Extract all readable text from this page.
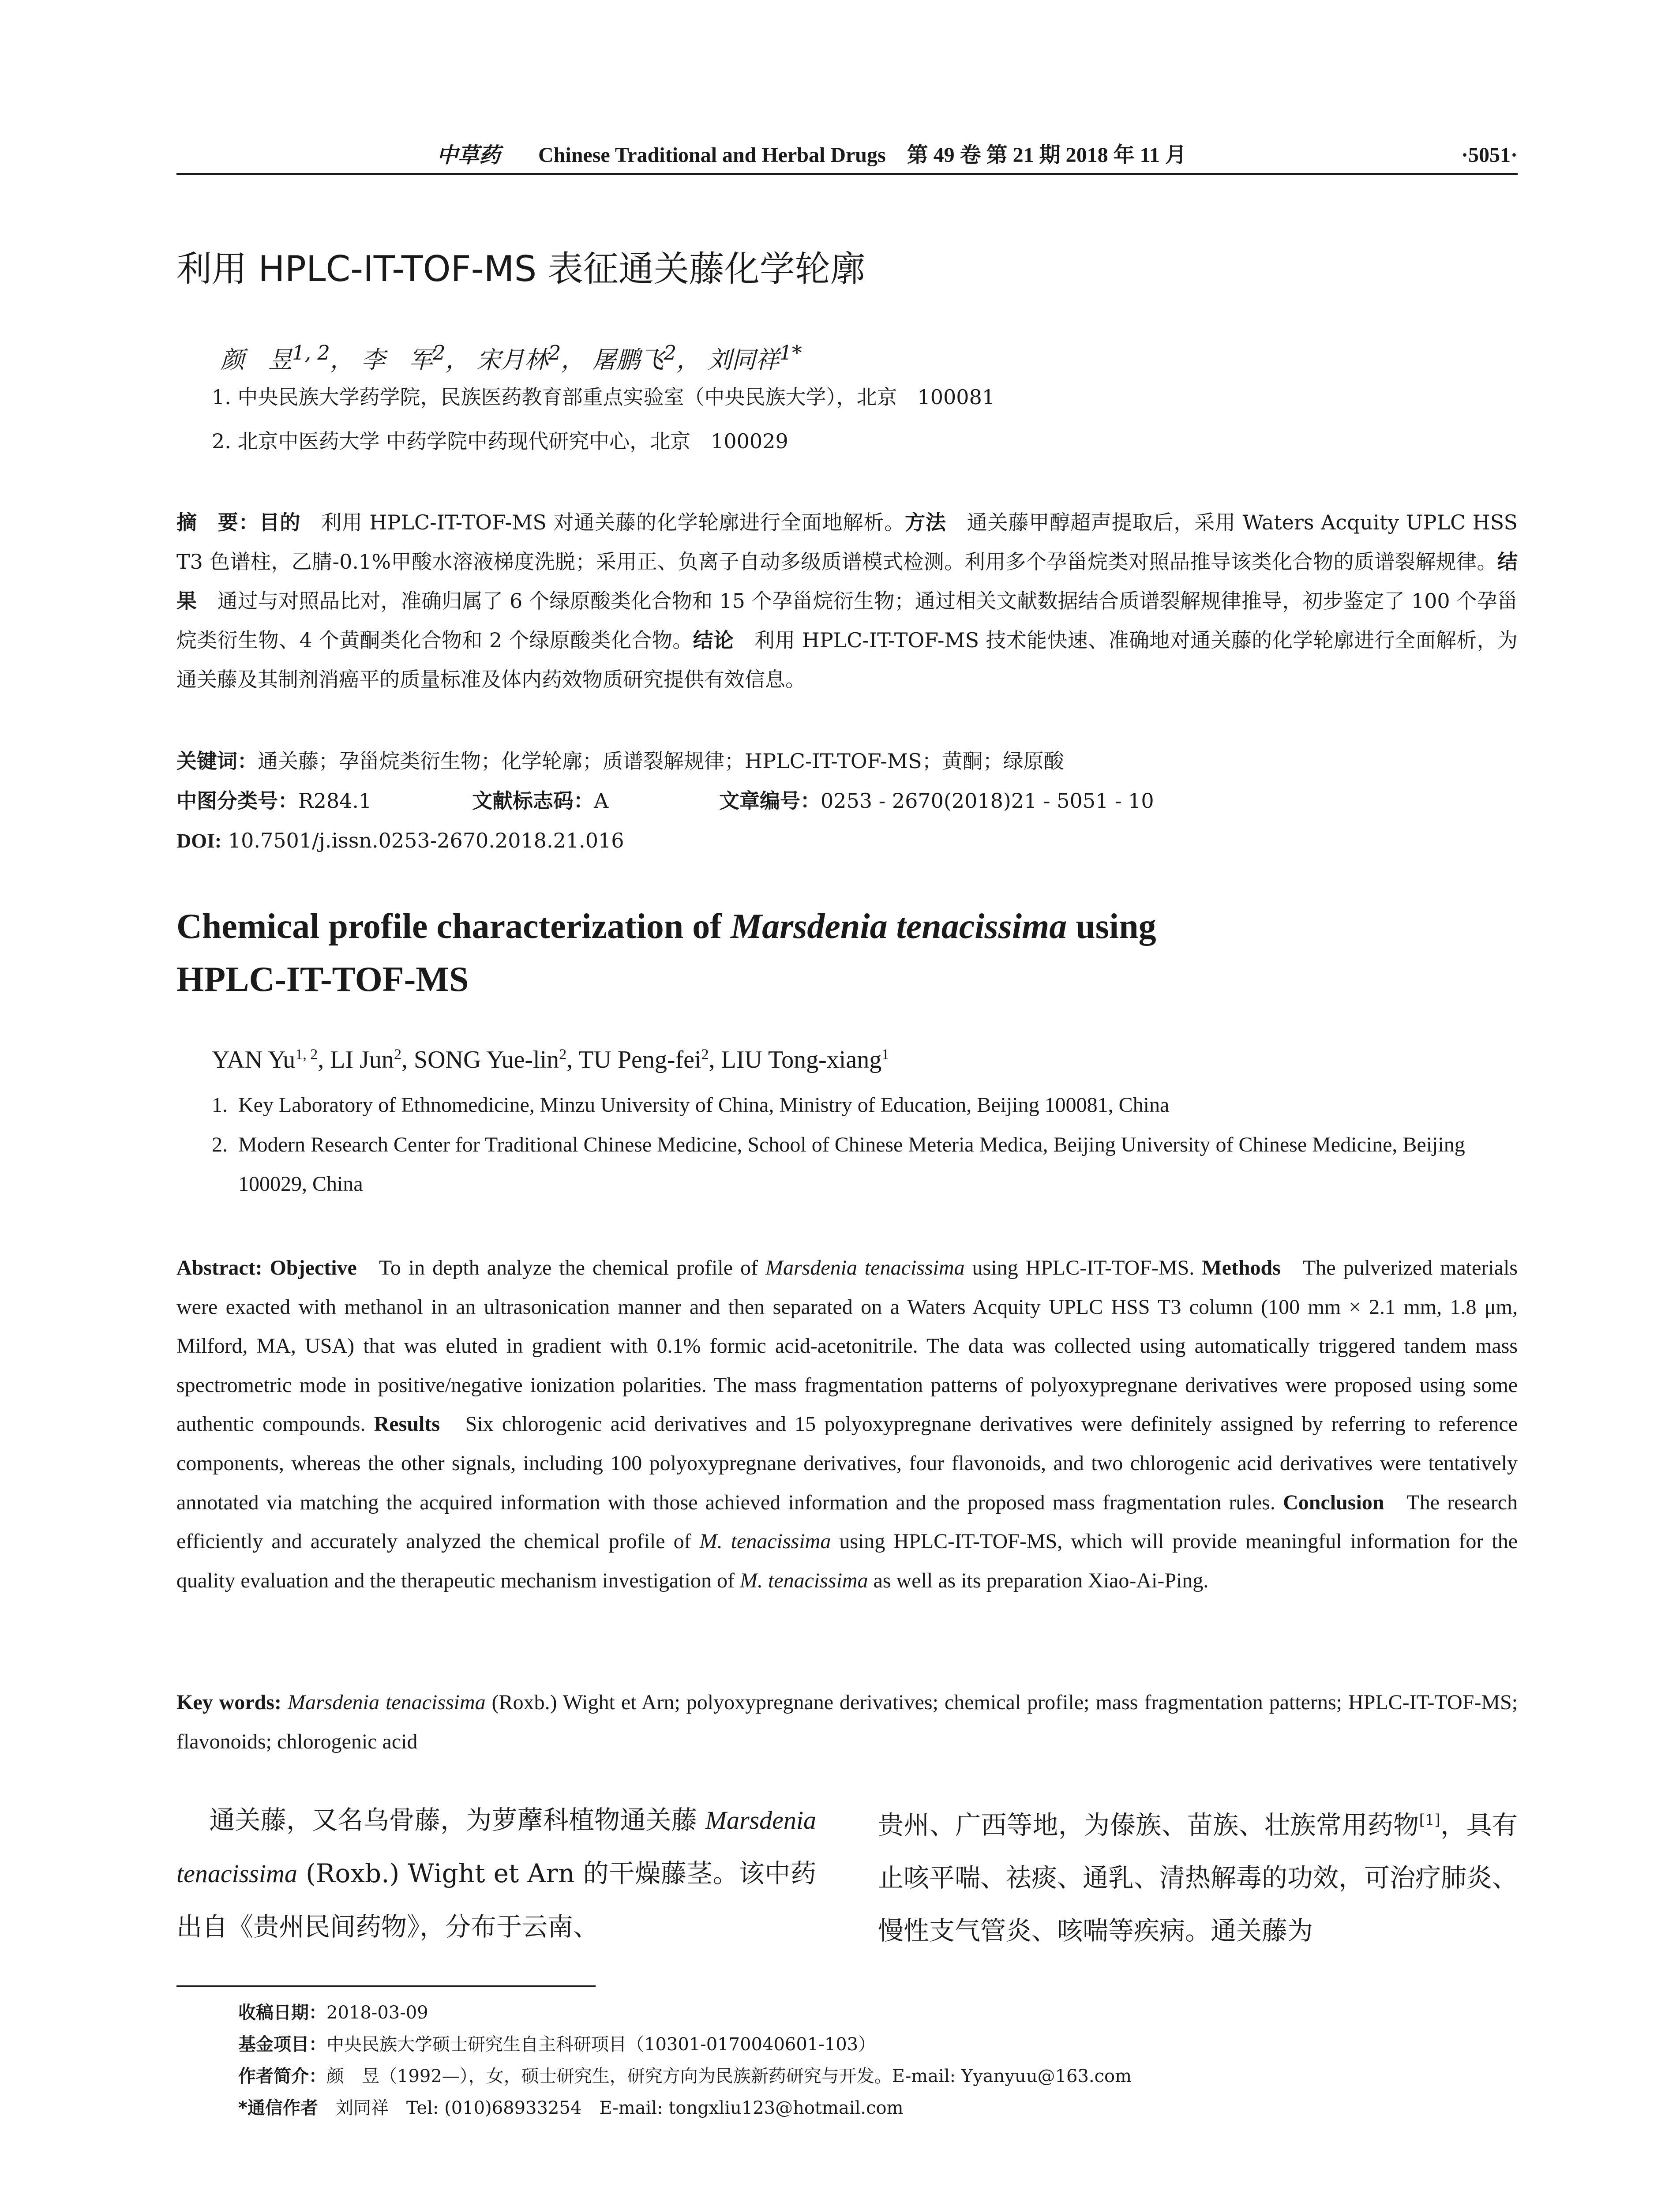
中草药 Chinese Traditional and Herbal Drugs　第 49 卷 第 21 期 2018 年 11 月	·5051·
利用 HPLC-IT-TOF-MS 表征通关藤化学轮廓
颜　昱$^{1, 2}$， 李　军$^2$， 宋月林$^2$， 屠鹏飞$^2$， 刘同祥$^{1*}$
1. 中央民族大学药学院，民族医药教育部重点实验室（中央民族大学），北京　100081
2. 北京中医药大学 中药学院中药现代研究中心，北京　100029
摘　要：目的　 利用 HPLC-IT-TOF-MS 对通关藤的化学轮廓进行全面地解析。方法　 通关藤甲醇超声提取后，采用 Waters Acquity UPLC HSS T3 色谱柱，乙腈-0.1%甲酸水溶液梯度洗脱；采用正、负离子自动多级质谱模式检测。利用多个孕甾烷类对照品推导该类化合物的质谱裂解规律。结果　 通过与对照品比对，准确归属了 6 个绿原酸类化合物和 15 个孕甾烷衍生物；通过相关文献数据结合质谱裂解规律推导，初步鉴定了 100 个孕甾烷类衍生物、4 个黄酮类化合物和 2 个绿原酸类化合物。结论　 利用 HPLC-IT-TOF-MS 技术能快速、准确地对通关藤的化学轮廓进行全面解析，为通关藤及其制剂消癌平的质量标准及体内药效物质研究提供有效信息。
关键词：通关藤；孕甾烷类衍生物；化学轮廓；质谱裂解规律；HPLC-IT-TOF-MS；黄酮；绿原酸
中图分类号：R284.1	文献标志码：A	文章编号：0253 - 2670(2018)21 - 5051 - 10
DOI: 10.7501/j.issn.0253-2670.2018.21.016
Chemical profile characterization of Marsdenia tenacissima using
HPLC-IT-TOF-MS
YAN Yu$^{1, 2}$, LI Jun$^2$, SONG Yue-lin$^2$, TU Peng-fei$^2$, LIU Tong-xiang$^1$
1. Key Laboratory of Ethnomedicine, Minzu University of China, Ministry of Education, Beijing 100081, China
2. Modern Research Center for Traditional Chinese Medicine, School of Chinese Meteria Medica, Beijing University of Chinese Medicine, Beijing 100029, China
Abstract: Objective To in depth analyze the chemical profile of Marsdenia tenacissima using HPLC-IT-TOF-MS. Methods The pulverized materials were exacted with methanol in an ultrasonication manner and then separated on a Waters Acquity UPLC HSS T3 column (100 mm × 2.1 mm, 1.8 μm, Milford, MA, USA) that was eluted in gradient with 0.1% formic acid-acetonitrile. The data was collected using automatically triggered tandem mass spectrometric mode in positive/negative ionization polarities. The mass fragmentation patterns of polyoxypregnane derivatives were proposed using some authentic compounds. Results Six chlorogenic acid derivatives and 15 polyoxypregnane derivatives were definitely assigned by referring to reference components, whereas the other signals, including 100 polyoxypregnane derivatives, four flavonoids, and two chlorogenic acid derivatives were tentatively annotated via matching the acquired information with those achieved information and the proposed mass fragmentation rules. Conclusion The research efficiently and accurately analyzed the chemical profile of M. tenacissima using HPLC-IT-TOF-MS, which will provide meaningful information for the quality evaluation and the therapeutic mechanism investigation of M. tenacissima as well as its preparation Xiao-Ai-Ping.
Key words: Marsdenia tenacissima (Roxb.) Wight et Arn; polyoxypregnane derivatives; chemical profile; mass fragmentation patterns; HPLC-IT-TOF-MS; flavonoids; chlorogenic acid
通关藤，又名乌骨藤，为萝藦科植物通关藤 Marsdenia tenacissima (Roxb.) Wight et Arn 的干燥藤茎。该中药出自《贵州民间药物》，分布于云南、
贵州、广西等地，为傣族、苗族、壮族常用药物[1]，具有止咳平喘、祛痰、通乳、清热解毒的功效，可治疗肺炎、慢性支气管炎、咳喘等疾病。通关藤为
收稿日期：2018-03-09
基金项目：中央民族大学硕士研究生自主科研项目（10301-0170040601-103）
作者简介：颜　昱（1992—），女，硕士研究生，研究方向为民族新药研究与开发。E-mail: Yyanyuu@163.com
*通信作者　刘同祥　Tel: (010)68933254　E-mail: tongxliu123@hotmail.com
